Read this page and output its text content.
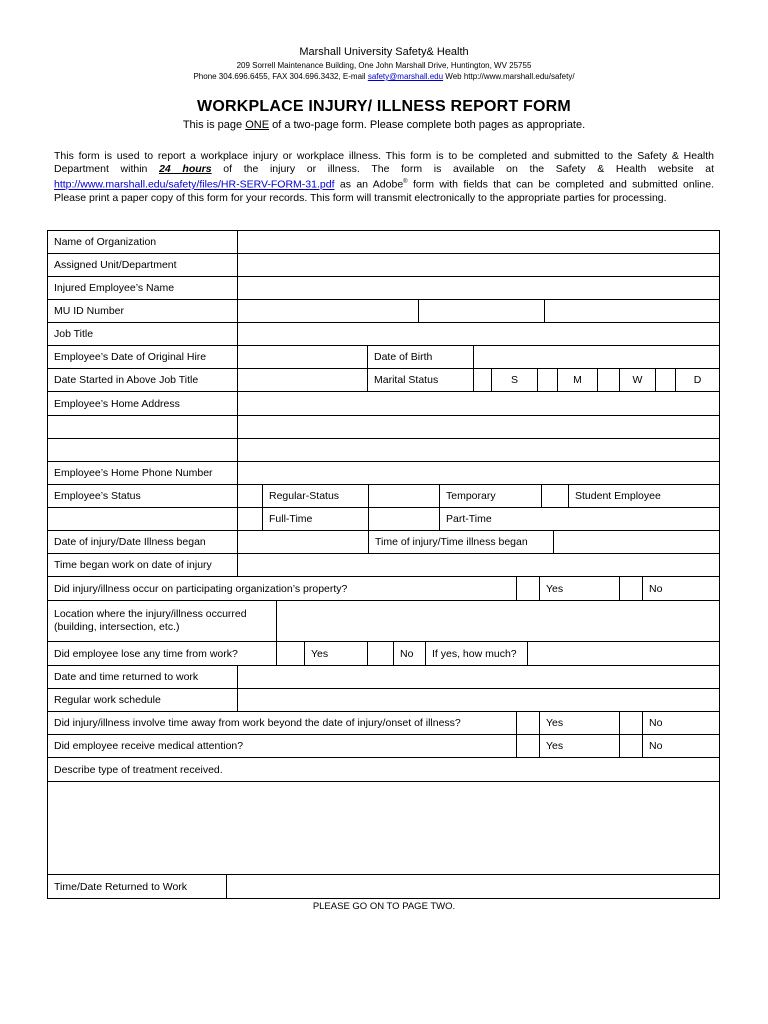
Marshall University Safety& Health
209 Sorrell Maintenance Building, One John Marshall Drive, Huntington, WV 25755
Phone 304.696.6455, FAX 304.696.3432, E-mail safety@marshall.edu Web http://www.marshall.edu/safety/
WORKPLACE INJURY/ ILLNESS REPORT FORM
This is page ONE of a two-page form. Please complete both pages as appropriate.
This form is used to report a workplace injury or workplace illness. This form is to be completed and submitted to the Safety & Health Department within 24 hours of the injury or illness. The form is available on the Safety & Health website at http://www.marshall.edu/safety/files/HR-SERV-FORM-31.pdf as an Adobe® form with fields that can be completed and submitted online. Please print a paper copy of this form for your records. This form will transmit electronically to the appropriate parties for processing.
Name of Organization
Assigned Unit/Department
Injured Employee’s Name
MU ID Number
Job Title
Employee’s Date of Original Hire	Date of Birth
Date Started in Above Job Title	Marital Status	S	M	W	D
Employee’s Home Address
Employee’s Home Phone Number
Employee’s Status	Regular-Status	Temporary	Student Employee
Full-Time	Part-Time
Date of injury/Date Illness began	Time of injury/Time illness began
Time began work on date of injury
Did injury/illness occur on participating organization’s property?	Yes	No
Location where the injury/illness occurred (building, intersection, etc.)
Did employee lose any time from work?	Yes	No	If yes, how much?
Date and time returned to work
Regular work schedule
Did injury/illness involve time away from work beyond the date of injury/onset of illness?	Yes	No
Did employee receive medical attention?	Yes	No
Describe type of treatment received.
Time/Date Returned to Work
PLEASE GO ON TO PAGE TWO.
